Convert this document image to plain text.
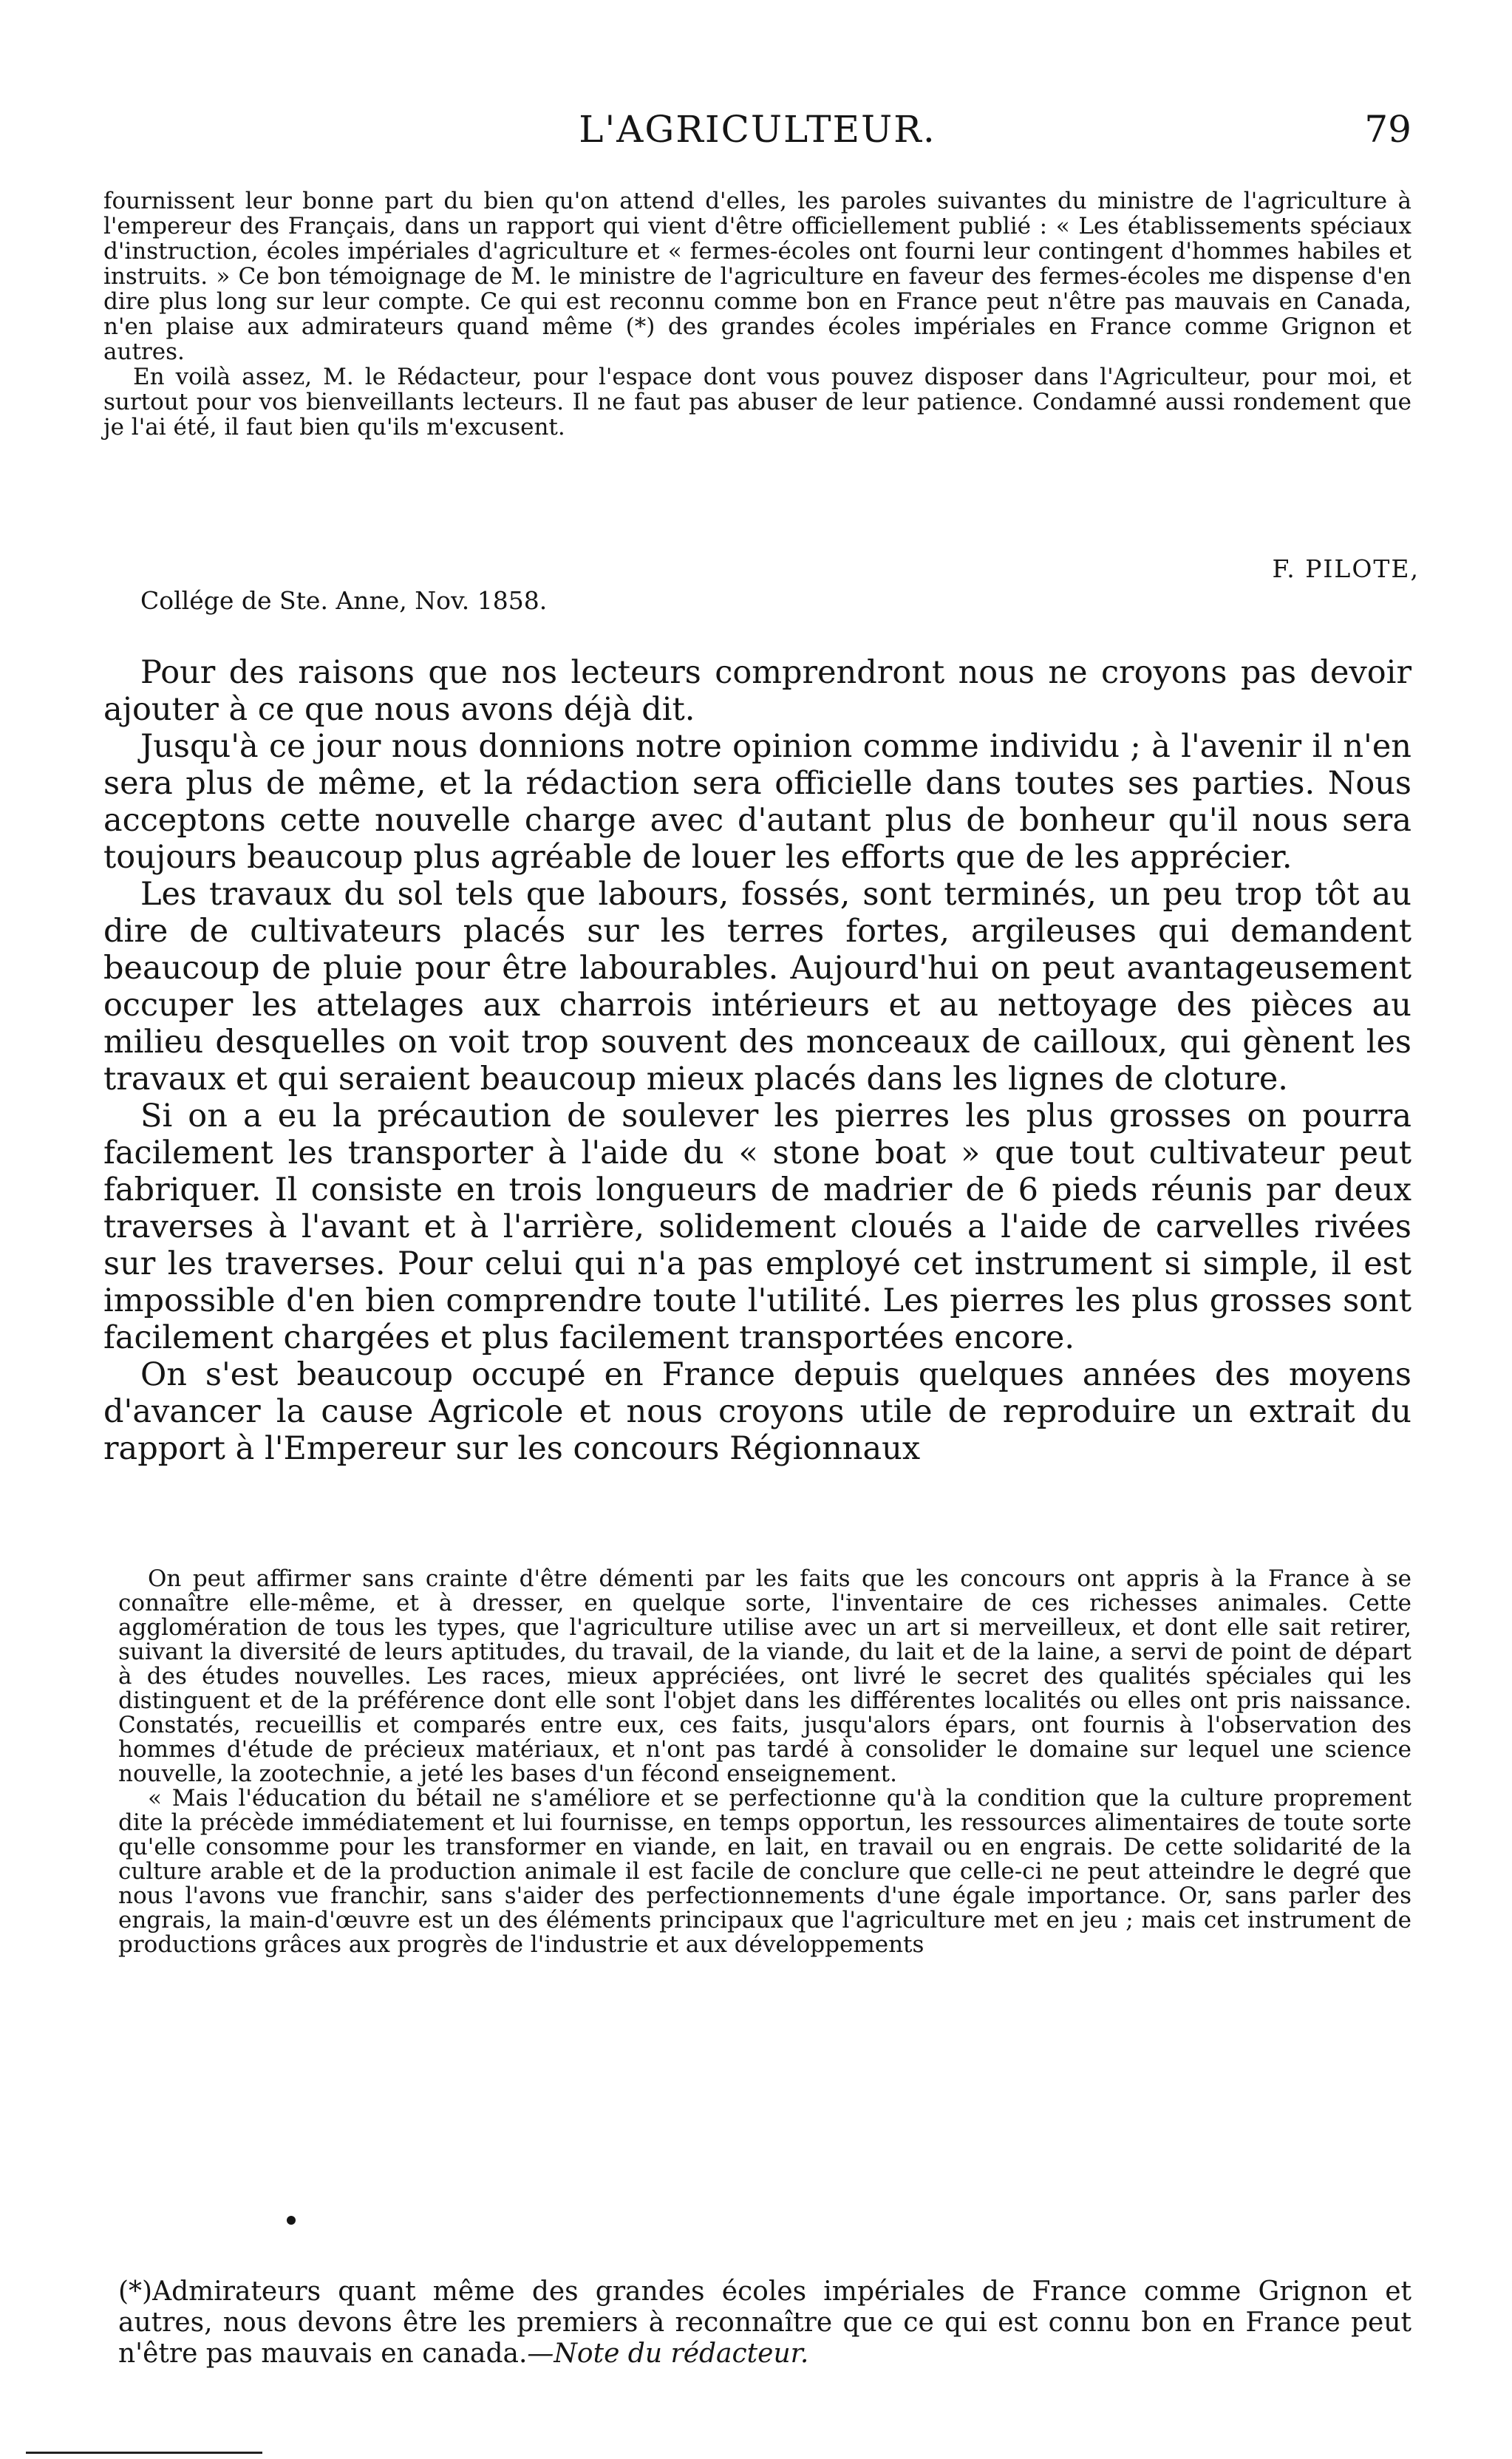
L'AGRICULTEUR.	79

fournissent leur bonne part du bien qu'on attend d'elles, les paroles suivantes du ministre de l'agriculture à l'empereur des Français, dans un rapport qui vient d'être officiellement publié : « Les établissements spéciaux d'instruction, écoles impériales d'agriculture et « fermes-écoles ont fourni leur contingent d'hommes habiles et instruits. » Ce bon témoignage de M. le ministre de l'agriculture en faveur des fermes-écoles me dispense d'en dire plus long sur leur compte. Ce qui est reconnu comme bon en France peut n'être pas mauvais en Canada, n'en plaise aux admirateurs quand même (*) des grandes écoles impériales en France comme Grignon et autres.

En voilà assez, M. le Rédacteur, pour l'espace dont vous pouvez disposer dans l'Agriculteur, pour moi, et surtout pour vos bienveillants lecteurs. Il ne faut pas abuser de leur patience. Condamné aussi rondement que je l'ai été, il faut bien qu'ils m'excusent.

F. PILOTE,
Collége de Ste. Anne, Nov. 1858.

Pour des raisons que nos lecteurs comprendront nous ne croyons pas devoir ajouter à ce que nous avons déjà dit.

Jusqu'à ce jour nous donnions notre opinion comme individu ; à l'avenir il n'en sera plus de même, et la rédaction sera officielle dans toutes ses parties. Nous acceptons cette nouvelle charge avec d'autant plus de bonheur qu'il nous sera toujours beaucoup plus agréable de louer les efforts que de les apprécier.

Les travaux du sol tels que labours, fossés, sont terminés, un peu trop tôt au dire de cultivateurs placés sur les terres fortes, argileuses qui demandent beaucoup de pluie pour être labourables. Aujourd'hui on peut avantageusement occuper les attelages aux charrois intérieurs et au nettoyage des pièces au milieu desquelles on voit trop souvent des monceaux de cailloux, qui gènent les travaux et qui seraient beaucoup mieux placés dans les lignes de cloture.

Si on a eu la précaution de soulever les pierres les plus grosses on pourra facilement les transporter à l'aide du « stone boat » que tout cultivateur peut fabriquer. Il consiste en trois longueurs de madrier de 6 pieds réunis par deux traverses à l'avant et à l'arrière, solidement cloués a l'aide de carvelles rivées sur les traverses. Pour celui qui n'a pas employé cet instrument si simple, il est impossible d'en bien comprendre toute l'utilité. Les pierres les plus grosses sont facilement chargées et plus facilement transportées encore.

On s'est beaucoup occupé en France depuis quelques années des moyens d'avancer la cause Agricole et nous croyons utile de reproduire un extrait du rapport à l'Empereur sur les concours Régionnaux

On peut affirmer sans crainte d'être démenti par les faits que les concours ont appris à la France à se connaître elle-même, et à dresser, en quelque sorte, l'inventaire de ces richesses animales. Cette agglomération de tous les types, que l'agriculture utilise avec un art si merveilleux, et dont elle sait retirer, suivant la diversité de leurs aptitudes, du travail, de la viande, du lait et de la laine, a servi de point de départ à des études nouvelles. Les races, mieux appréciées, ont livré le secret des qualités spéciales qui les distinguent et de la préférence dont elle sont l'objet dans les différentes localités ou elles ont pris naissance. Constatés, recueillis et comparés entre eux, ces faits, jusqu'alors épars, ont fournis à l'observation des hommes d'étude de précieux matériaux, et n'ont pas tardé à consolider le domaine sur lequel une science nouvelle, la zootechnie, a jeté les bases d'un fécond enseignement.

« Mais l'éducation du bétail ne s'améliore et se perfectionne qu'à la condition que la culture proprement dite la précède immédiatement et lui fournisse, en temps opportun, les ressources alimentaires de toute sorte qu'elle consomme pour les transformer en viande, en lait, en travail ou en engrais. De cette solidarité de la culture arable et de la production animale il est facile de conclure que celle-ci ne peut atteindre le degré que nous l'avons vue franchir, sans s'aider des perfectionnements d'une égale importance. Or, sans parler des engrais, la main-d'œuvre est un des éléments principaux que l'agriculture met en jeu ; mais cet instrument de productions grâces aux progrès de l'industrie et aux développements

(*)Admirateurs quant même des grandes écoles impériales de France comme Grignon et autres, nous devons être les premiers à reconnaître que ce qui est connu bon en France peut n'être pas mauvais en canada.—Note du rédacteur.
